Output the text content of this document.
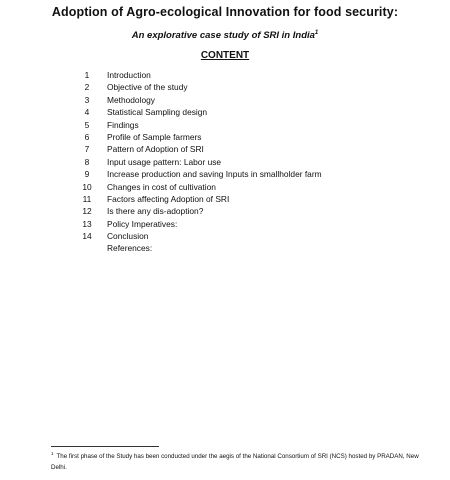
Adoption of Agro-ecological Innovation for food security:
An explorative case study of SRI in India$^1$
CONTENT
1	Introduction
2	Objective of the study
3	Methodology
4	Statistical Sampling design
5	Findings
6	Profile of Sample farmers
7	Pattern of Adoption of SRI
8	Input usage pattern: Labor use
9	Increase production and saving Inputs in smallholder farm
10 Changes in cost of cultivation
11	Factors affecting Adoption of SRI
12 Is there any dis-adoption?
13 Policy Imperatives:
14 Conclusion
References:
$^1$ The first phase of the Study has been conducted under the aegis of the National Consortium of SRI (NCS) hosted by PRADAN, New Delhi.
